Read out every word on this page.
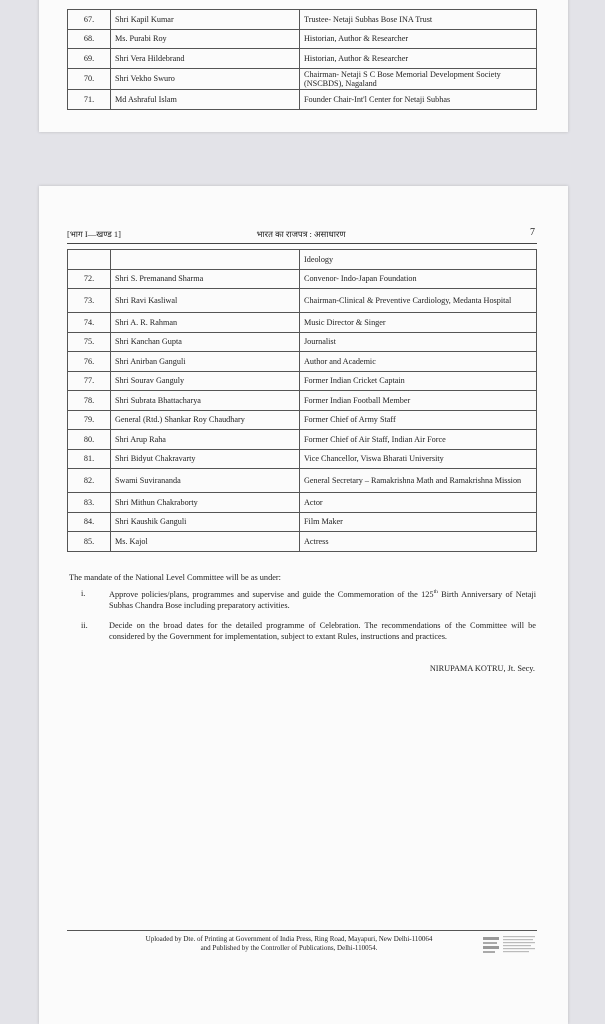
67.	Shri Kapil Kumar	Trustee- Netaji Subhas Bose INA Trust
68.	Ms. Purabi Roy	Historian, Author & Researcher
69.	Shri Vera Hildebrand	Historian, Author & Researcher
70.	Shri Vekho Swuro	Chairman- Netaji S C Bose Memorial Development Society (NSCBDS), Nagaland
71.	Md Ashraful Islam	Founder Chair-Int'l Center for Netaji Subhas
[भाग I—खण्ड 1]	भारत का राजपत्र : असाधारण	7
		Ideology
72.	Shri S. Premanand Sharma	Convenor- Indo-Japan Foundation
73.	Shri Ravi Kasliwal	Chairman-Clinical & Preventive Cardiology, Medanta Hospital
74.	Shri A. R. Rahman	Music Director & Singer
75.	Shri Kanchan Gupta	Journalist
76.	Shri Anirban Ganguli	Author and Academic
77.	Shri Sourav Ganguly	Former Indian Cricket Captain
78.	Shri Subrata Bhattacharya	Former Indian Football Member
79.	General (Rtd.) Shankar Roy Chaudhary	Former Chief of Army Staff
80.	Shri Arup Raha	Former Chief of Air Staff, Indian Air Force
81.	Shri Bidyut Chakravarty	Vice Chancellor, Viswa Bharati University
82.	Swami Suvirananda	General Secretary – Ramakrishna Math and Ramakrishna Mission
83.	Shri Mithun Chakraborty	Actor
84.	Shri Kaushik Ganguli	Film Maker
85.	Ms. Kajol	Actress
The mandate of the National Level Committee will be as under:
i.	Approve policies/plans, programmes and supervise and guide the Commemoration of the 125th Birth Anniversary of Netaji Subhas Chandra Bose including preparatory activities.
ii.	Decide on the broad dates for the detailed programme of Celebration. The recommendations of the Committee will be considered by the Government for implementation, subject to extant Rules, instructions and practices.
NIRUPAMA KOTRU, Jt. Secy.
Uploaded by Dte. of Printing at Government of India Press, Ring Road, Mayapuri, New Delhi-110064
and Published by the Controller of Publications, Delhi-110054.
